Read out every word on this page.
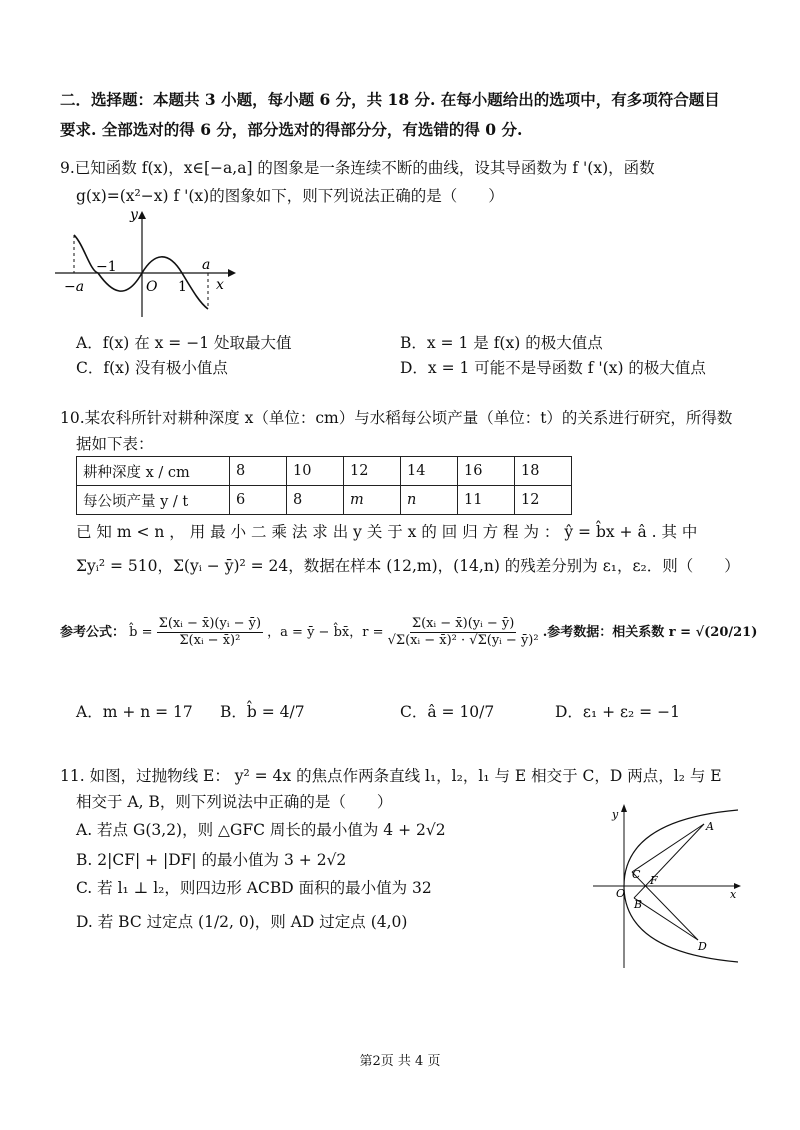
二．选择题：本题共 3 小题，每小题 6 分，共 18 分. 在每小题给出的选项中，有多项符合题目
要求. 全部选对的得 6 分，部分选对的得部分分，有选错的得 0 分.
9.已知函数 f(x)，x∈[−a,a] 的图象是一条连续不断的曲线，设其导函数为 f '(x)，函数
g(x)=(x²−x) f '(x)的图象如下，则下列说法正确的是（　　）
y
x
−1	a
−a	O 1
A．f(x) 在 x = −1 处取最大值	B．x = 1 是 f(x) 的极大值点
C．f(x) 没有极小值点	D．x = 1 可能不是导函数 f '(x) 的极大值点
10.某农科所针对耕种深度 x（单位：cm）与水稻每公顷产量（单位：t）的关系进行研究，所得数
据如下表：
耕种深度 x / cm	8	10	12	14	16	18
每公顷产量 y / t	6	8	m	n	11	12
已 知 m < n ， 用 最 小 二 乘 法 求 出 y 关 于 x 的 回 归 方 程 为 ： ŷ = b̂x + â . 其 中
Σyᵢ² = 510，Σ(yᵢ − ȳ)² = 24，数据在样本 (12,m)，(14,n) 的残差分别为 ε₁，ε₂．则（　　）
参考公式： b̂ = $\frac{\text{Σ(xᵢ − x̄)(yᵢ − ȳ)}}{\text{Σ(xᵢ − x̄)²}}$ ，a = ȳ − b̂x̄，$r = \frac{\text{Σ(xᵢ − x̄)(yᵢ − ȳ)}}{\text{√Σ(xᵢ − x̄)² · √Σ(yᵢ − ȳ)²}}$ .参考数据：相关系数 r = √(20/21)
A．m + n = 17 B．b̂ = 4/7	C．â = 10/7	D．ε₁ + ε₂ = −1
11. 如图，过抛物线 E： y² = 4x 的焦点作两条直线 l₁，l₂，l₁ 与 E 相交于 C，D 两点，l₂ 与 E
相交于 A, B，则下列说法中正确的是（　　）
A. 若点 G(3,2)，则 △GFC 周长的最小值为 4 + 2√2
B. 2|CF| + |DF| 的最小值为 3 + 2√2
C. 若 l₁ ⊥ l₂，则四边形 ACBD 面积的最小值为 32
D. 若 BC 过定点 (1/2, 0)，则 AD 过定点 (4,0)
y
x
A
C F
O
B
D
第2页 共 4 页
